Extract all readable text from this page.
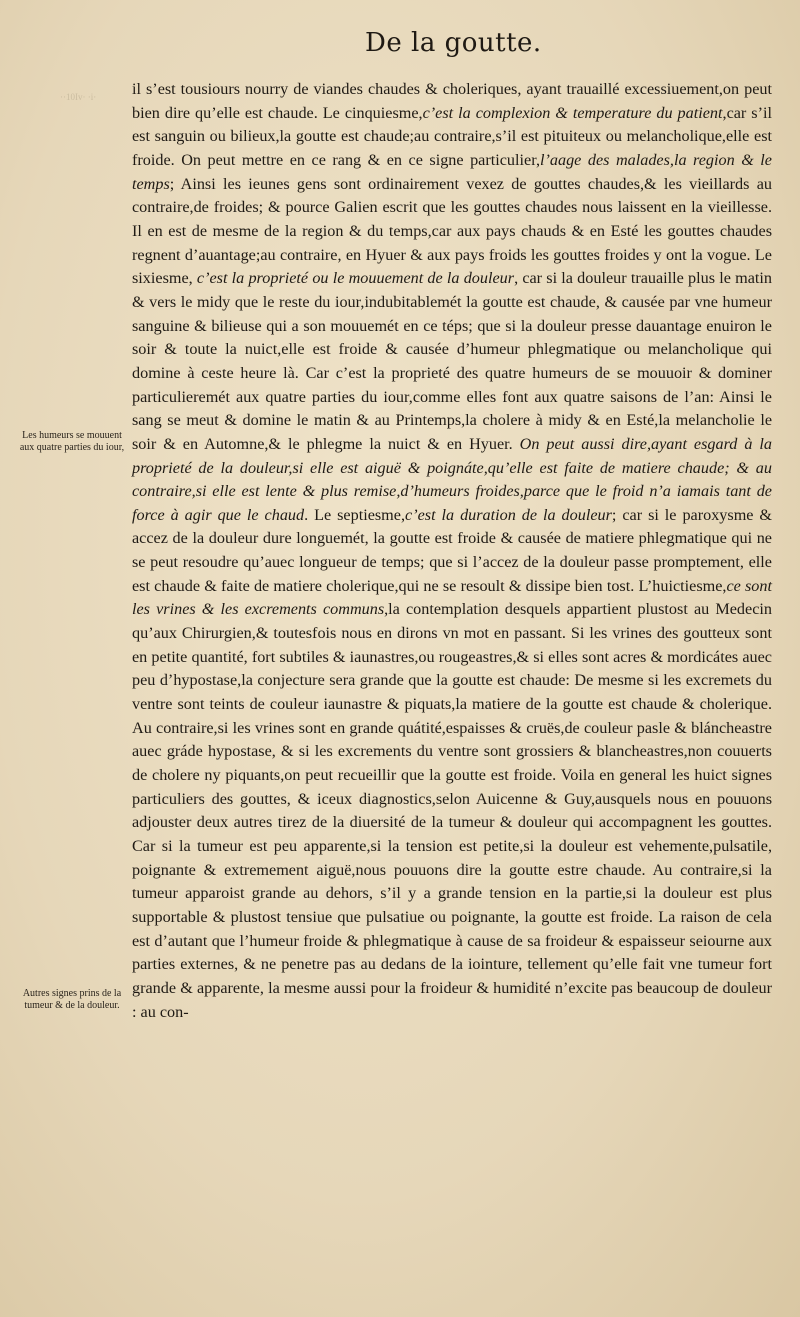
··10Iv· ·i·
De la goutte.
Les humeurs se mouuent aux quatre parties du iour,
Autres signes prins de la tumeur & de la douleur.

il s’est tousiours nourry de viandes chaudes & choleriques, ayant trauaillé excessiuement,on peut bien dire qu’elle est chaude. Le cinquiesme,c’est la complexion & temperature du patient,car s’il est sanguin ou bilieux,la goutte est chaude;au contraire,s’il est pituiteux ou melancholique,elle est froide. On peut mettre en ce rang & en ce signe particulier,l’aage des malades,la region & le temps; Ainsi les ieunes gens sont ordinairement vexez de gouttes chaudes,& les vieillards au contraire,de froides; & pource Galien escrit que les gouttes chaudes nous laissent en la vieillesse. Il en est de mesme de la region & du temps,car aux pays chauds & en Esté les gouttes chaudes regnent d’auantage;au contraire, en Hyuer & aux pays froids les gouttes froides y ont la vogue. Le sixiesme, c’est la proprieté ou le mouuement de la douleur, car si la douleur trauaille plus le matin & vers le midy que le reste du iour,indubitablemét la goutte est chaude, & causée par vne humeur sanguine & bilieuse qui a son mouuemét en ce téps; que si la douleur presse dauantage enuiron le soir & toute la nuict,elle est froide & causée d’humeur phlegmatique ou melancholique qui domine à ceste heure là. Car c’est la proprieté des quatre humeurs de se mouuoir & dominer particulieremét aux quatre parties du iour,comme elles font aux quatre saisons de l’an: Ainsi le sang se meut & domine le matin & au Printemps,la cholere à midy & en Esté,la melancholie le soir & en Automne,& le phlegme la nuict & en Hyuer. On peut aussi dire,ayant esgard à la proprieté de la douleur,si elle est aiguë & poignáte,qu’elle est faite de matiere chaude; & au contraire,si elle est lente & plus remise,d’humeurs froides,parce que le froid n’a iamais tant de force à agir que le chaud. Le septiesme,c’est la duration de la douleur; car si le paroxysme & accez de la douleur dure longuemét, la goutte est froide & causée de matiere phlegmatique qui ne se peut resoudre qu’auec longueur de temps; que si l’accez de la douleur passe promptement, elle est chaude & faite de matiere cholerique,qui ne se resoult & dissipe bien tost. L’huictiesme,ce sont les vrines & les excrements communs,la contemplation desquels appartient plustost au Medecin qu’aux Chirurgien,& toutesfois nous en dirons vn mot en passant. Si les vrines des goutteux sont en petite quantité, fort subtiles & iaunastres,ou rougeastres,& si elles sont acres & mordicátes auec peu d’hypostase,la conjecture sera grande que la goutte est chaude: De mesme si les excremets du ventre sont teints de couleur iaunastre & piquats,la matiere de la goutte est chaude & cholerique. Au contraire,si les vrines sont en grande quátité,espaisses & cruës,de couleur pasle & bláncheastre auec gráde hypostase, & si les excrements du ventre sont grossiers & blancheastres,non couuerts de cholere ny piquants,on peut recueillir que la goutte est froide. Voila en general les huict signes particuliers des gouttes, & iceux diagnostics,selon Auicenne & Guy,ausquels nous en pouuons adjouster deux autres tirez de la diuersité de la tumeur & douleur qui accompagnent les gouttes. Car si la tumeur est peu apparente,si la tension est petite,si la douleur est vehemente,pulsatile, poignante & extremement aiguë,nous pouuons dire la goutte estre chaude. Au contraire,si la tumeur apparoist grande au dehors, s’il y a grande tension en la partie,si la douleur est plus supportable & plustost tensiue que pulsatiue ou poignante, la goutte est froide. La raison de cela est d’autant que l’humeur froide & phlegmatique à cause de sa froideur & espaisseur seiourne aux parties externes, & ne penetre pas au dedans de la iointure, tellement qu’elle fait vne tumeur fort grande & apparente, la mesme aussi pour la froideur & humidité n’excite pas beaucoup de douleur : au con-
